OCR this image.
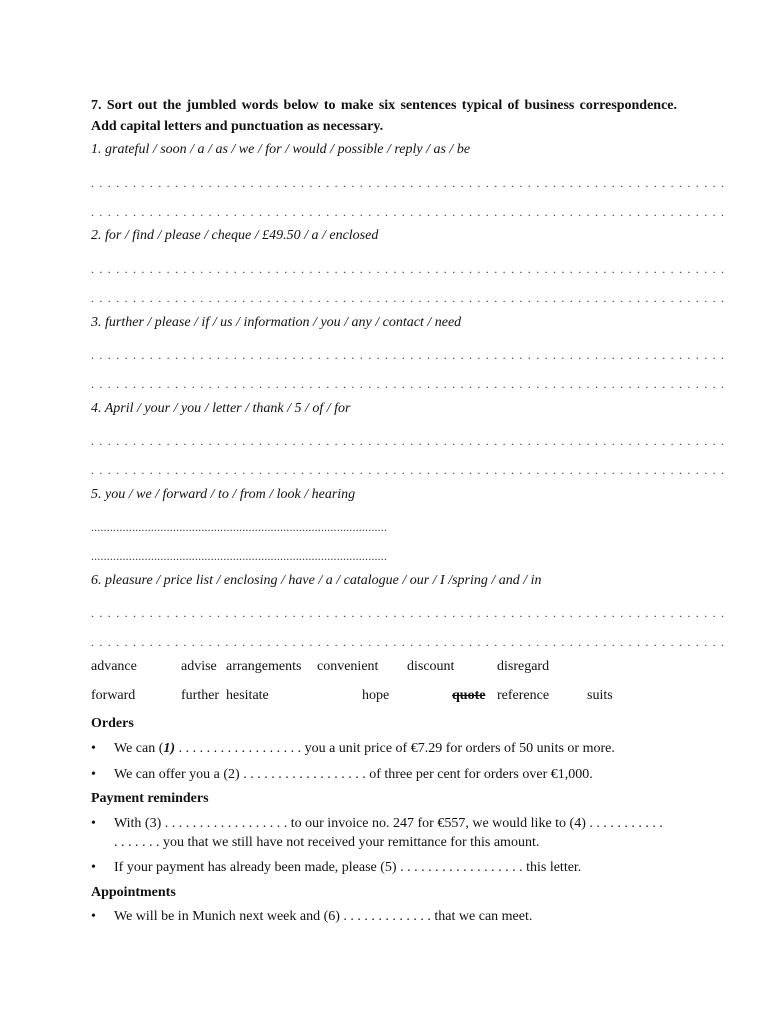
7. Sort out the jumbled words below to make six sentences typical of business correspondence. Add capital letters and punctuation as necessary.
1. grateful / soon / a / as / we / for / would / possible / reply / as / be
. . . . . . . . . . . . . . . . . . . . . . . . . . . . . . . . . . . . . . . . . . . . . . . . . . . . . . . . . . . . . . . . . . . . . . . . . . . .
. . . . . . . . . . . . . . . . . . . . . . . . . . . . . . . . . . . . . . . . . . . . . . . . . . . . . . . . . . . . . . . . . . . . . . . . . . . .
2. for / find / please / cheque / £49.50 / a / enclosed
. . . . . . . . . . . . . . . . . . . . . . . . . . . . . . . . . . . . . . . . . . . . . . . . . . . . . . . . . . . . . . . . . . . . . . . . . . . .
. . . . . . . . . . . . . . . . . . . . . . . . . . . . . . . . . . . . . . . . . . . . . . . . . . . . . . . . . . . . . . . . . . . . . . . . . . . .
3. further / please / if / us / information / you / any / contact / need
. . . . . . . . . . . . . . . . . . . . . . . . . . . . . . . . . . . . . . . . . . . . . . . . . . . . . . . . . . . . . . . . . . . . . . . . . . . .
. . . . . . . . . . . . . . . . . . . . . . . . . . . . . . . . . . . . . . . . . . . . . . . . . . . . . . . . . . . . . . . . . . . . . . . . . . . .
4. April / your / you / letter / thank / 5 / of / for
. . . . . . . . . . . . . . . . . . . . . . . . . . . . . . . . . . . . . . . . . . . . . . . . . . . . . . . . . . . . . . . . . . . . . . . . . . . .
. . . . . . . . . . . . . . . . . . . . . . . . . . . . . . . . . . . . . . . . . . . . . . . . . . . . . . . . . . . . . . . . . . . . . . . . . . . .
5. you / we / forward / to / from / look / hearing
..............................................................................................
..............................................................................................
6. pleasure / price list / enclosing / have / a / catalogue / our / I /spring / and / in
. . . . . . . . . . . . . . . . . . . . . . . . . . . . . . . . . . . . . . . . . . . . . . . . . . . . . . . . . . . . . . . . . . . . . . . . . . . .
. . . . . . . . . . . . . . . . . . . . . . . . . . . . . . . . . . . . . . . . . . . . . . . . . . . . . . . . . . . . . . . . . . . . . . . . . . . .
advance	advise arrangements convenient discount	disregard
forward	further hesitate	hope	quote reference	suits
Orders
• We can (1) . . . . . . . . . . . . . . . . . . you a unit price of €7.29 for orders of 50 units or more.
• We can offer you a (2) . . . . . . . . . . . . . . . . . . of three per cent for orders over €1,000.
Payment reminders
• With (3) . . . . . . . . . . . . . . . . . . to our invoice no. 247 for €557, we would like to (4) . . . . . . . . . . .
. . . . . . . you that we still have not received your remittance for this amount.
• If your payment has already been made, please (5) . . . . . . . . . . . . . . . . . . this letter.
Appointments
• We will be in Munich next week and (6) . . . . . . . . . . . . . that we can meet.
